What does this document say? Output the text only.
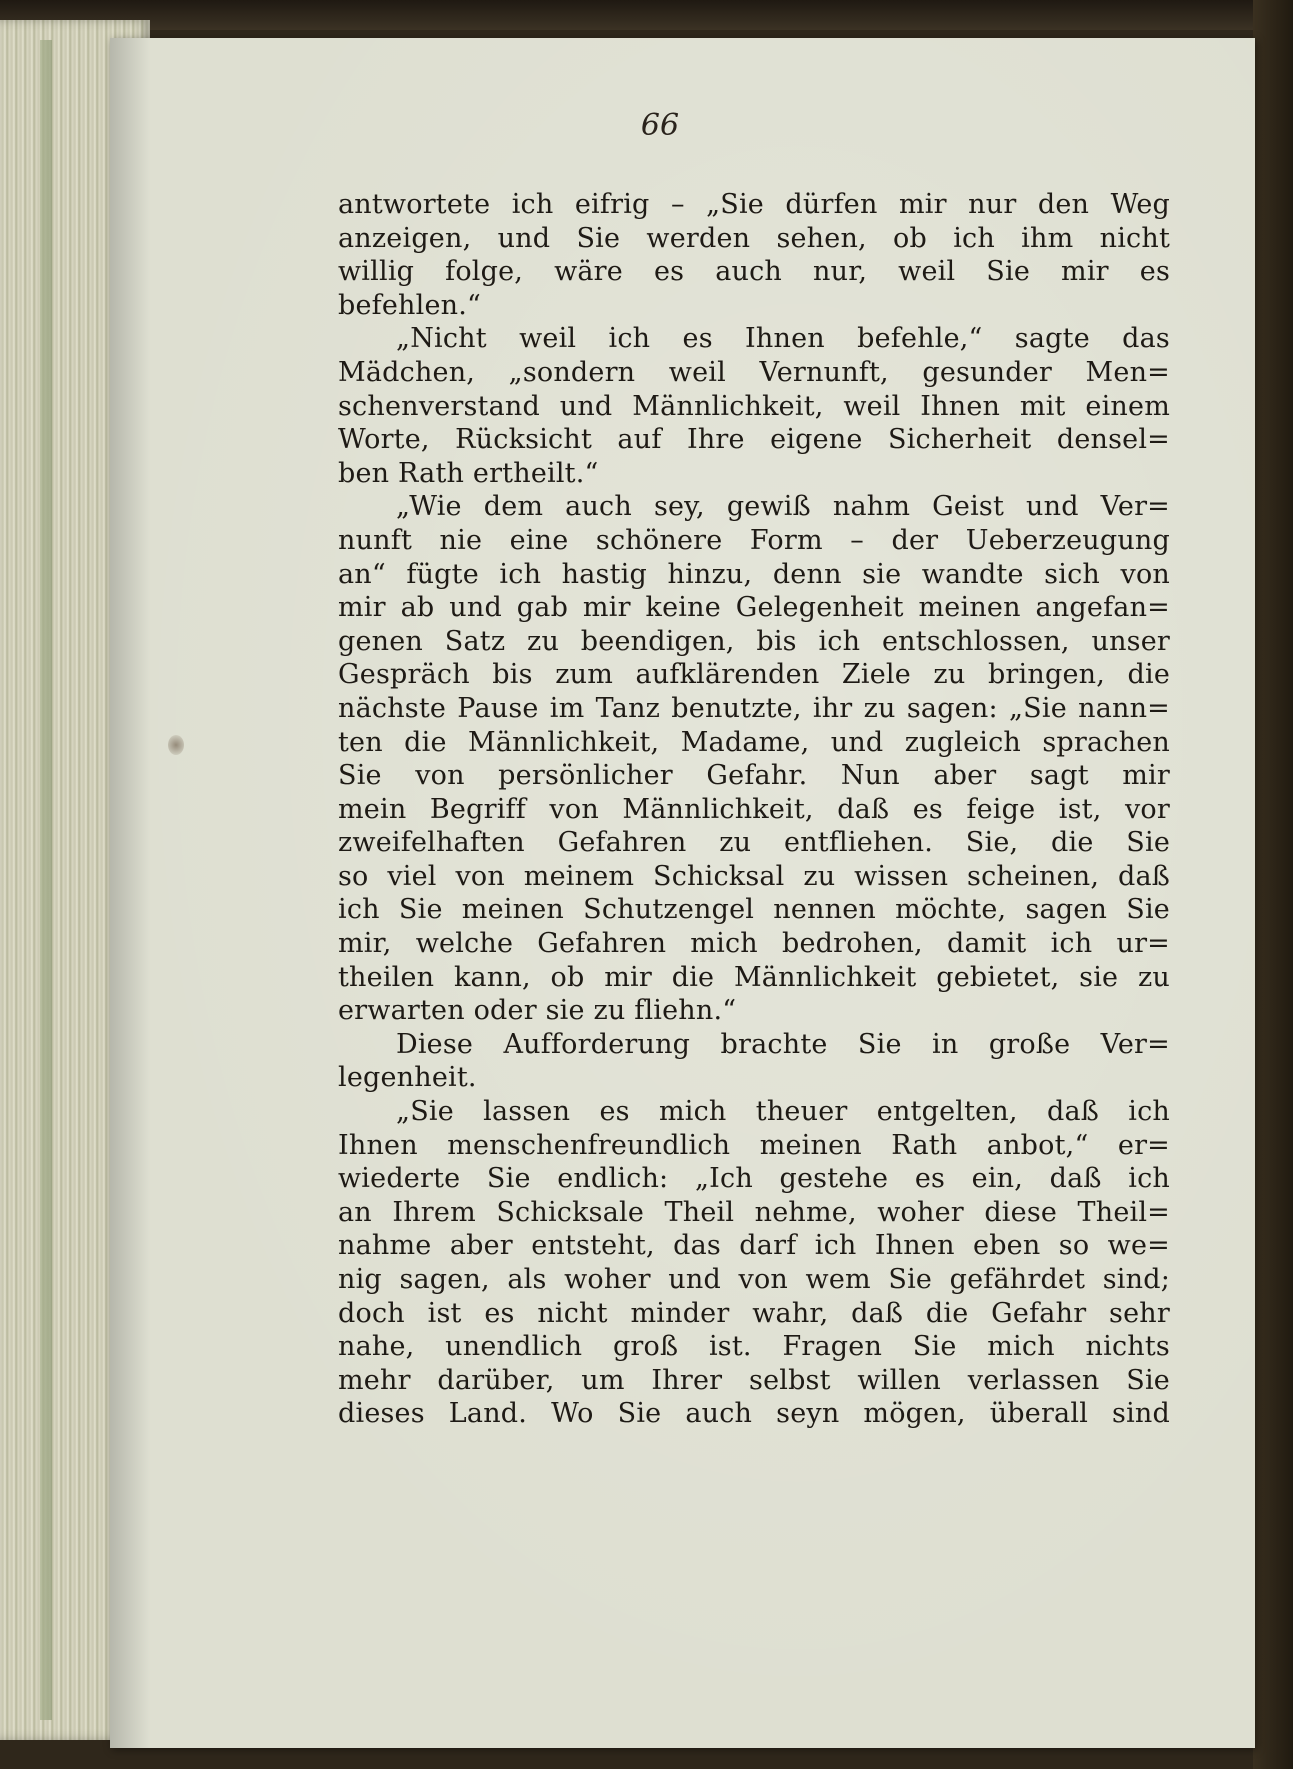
66
antwortete ich eifrig – „Sie dürfen mir nur den Weg
anzeigen, und Sie werden sehen, ob ich ihm nicht
willig folge, wäre es auch nur, weil Sie mir es
befehlen.“
„Nicht weil ich es Ihnen befehle,“ sagte das
Mädchen, „sondern weil Vernunft, gesunder Men=
schenverstand und Männlichkeit, weil Ihnen mit einem
Worte, Rücksicht auf Ihre eigene Sicherheit densel=
ben Rath ertheilt.“
„Wie dem auch sey, gewiß nahm Geist und Ver=
nunft nie eine schönere Form – der Ueberzeugung
an“ fügte ich hastig hinzu, denn sie wandte sich von
mir ab und gab mir keine Gelegenheit meinen angefan=
genen Satz zu beendigen, bis ich entschlossen, unser
Gespräch bis zum aufklärenden Ziele zu bringen, die
nächste Pause im Tanz benutzte, ihr zu sagen: „Sie nann=
ten die Männlichkeit, Madame, und zugleich sprachen
Sie von persönlicher Gefahr. Nun aber sagt mir
mein Begriff von Männlichkeit, daß es feige ist, vor
zweifelhaften Gefahren zu entfliehen. Sie, die Sie
so viel von meinem Schicksal zu wissen scheinen, daß
ich Sie meinen Schutzengel nennen möchte, sagen Sie
mir, welche Gefahren mich bedrohen, damit ich ur=
theilen kann, ob mir die Männlichkeit gebietet, sie zu
erwarten oder sie zu fliehn.“
Diese Aufforderung brachte Sie in große Ver=
legenheit.
„Sie lassen es mich theuer entgelten, daß ich
Ihnen menschenfreundlich meinen Rath anbot,“ er=
wiederte Sie endlich: „Ich gestehe es ein, daß ich
an Ihrem Schicksale Theil nehme, woher diese Theil=
nahme aber entsteht, das darf ich Ihnen eben so we=
nig sagen, als woher und von wem Sie gefährdet sind;
doch ist es nicht minder wahr, daß die Gefahr sehr
nahe, unendlich groß ist. Fragen Sie mich nichts
mehr darüber, um Ihrer selbst willen verlassen Sie
dieses Land. Wo Sie auch seyn mögen, überall sind
